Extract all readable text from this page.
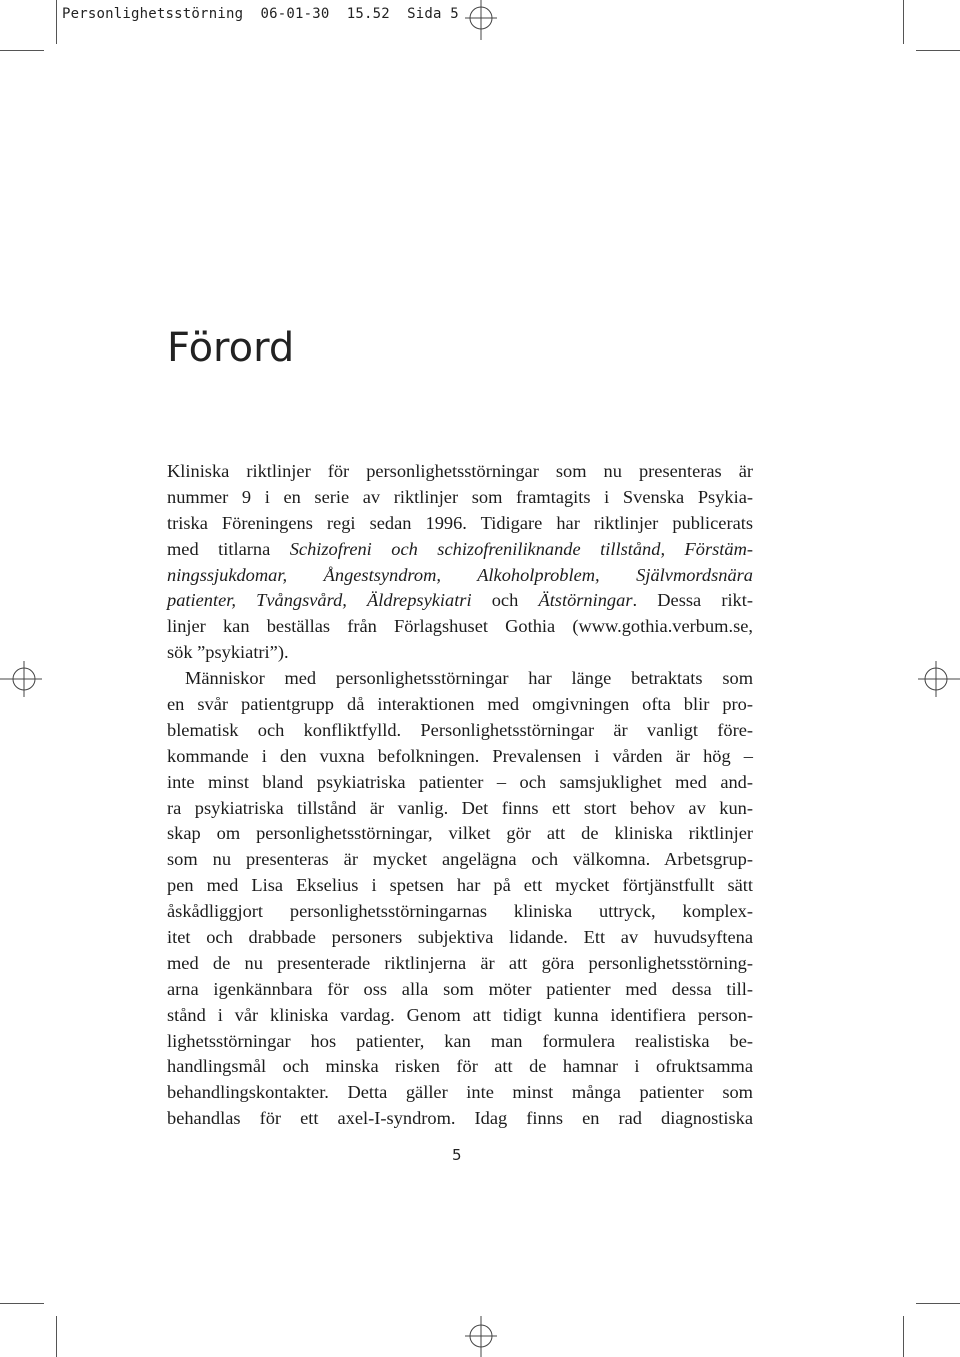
Personlighetsstörning  06-01-30  15.52  Sida 5
Förord
Kliniska riktlinjer för personlighetsstörningar som nu presenteras är
nummer 9 i en serie av riktlinjer som framtagits i Svenska Psykia-
triska Föreningens regi sedan 1996. Tidigare har riktlinjer publicerats
med titlarna Schizofreni och schizofreniliknande tillstånd, Förstäm-
ningssjukdomar, Ångestsyndrom, Alkoholproblem, Självmordsnära
patienter, Tvångsvård, Äldrepsykiatri och Ätstörningar. Dessa rikt-
linjer kan beställas från Förlagshuset Gothia (www.gothia.verbum.se,
sök ”psykiatri”).
Människor med personlighetsstörningar har länge betraktats som
en svår patientgrupp då interaktionen med omgivningen ofta blir pro-
blematisk och konfliktfylld. Personlighetsstörningar är vanligt före-
kommande i den vuxna befolkningen. Prevalensen i vården är hög –
inte minst bland psykiatriska patienter – och samsjuklighet med and-
ra psykiatriska tillstånd är vanlig. Det finns ett stort behov av kun-
skap om personlighetsstörningar, vilket gör att de kliniska riktlinjer
som nu presenteras är mycket angelägna och välkomna. Arbetsgrup-
pen med Lisa Ekselius i spetsen har på ett mycket förtjänstfullt sätt
åskådliggjort personlighetsstörningarnas kliniska uttryck, komplex-
itet och drabbade personers subjektiva lidande. Ett av huvudsyftena
med de nu presenterade riktlinjerna är att göra personlighetsstörning-
arna igenkännbara för oss alla som möter patienter med dessa till-
stånd i vår kliniska vardag. Genom att tidigt kunna identifiera person-
lighetsstörningar hos patienter, kan man formulera realistiska be-
handlingsmål och minska risken för att de hamnar i ofruktsamma
behandlingskontakter. Detta gäller inte minst många patienter som
behandlas för ett axel-I-syndrom. Idag finns en rad diagnostiska
5
